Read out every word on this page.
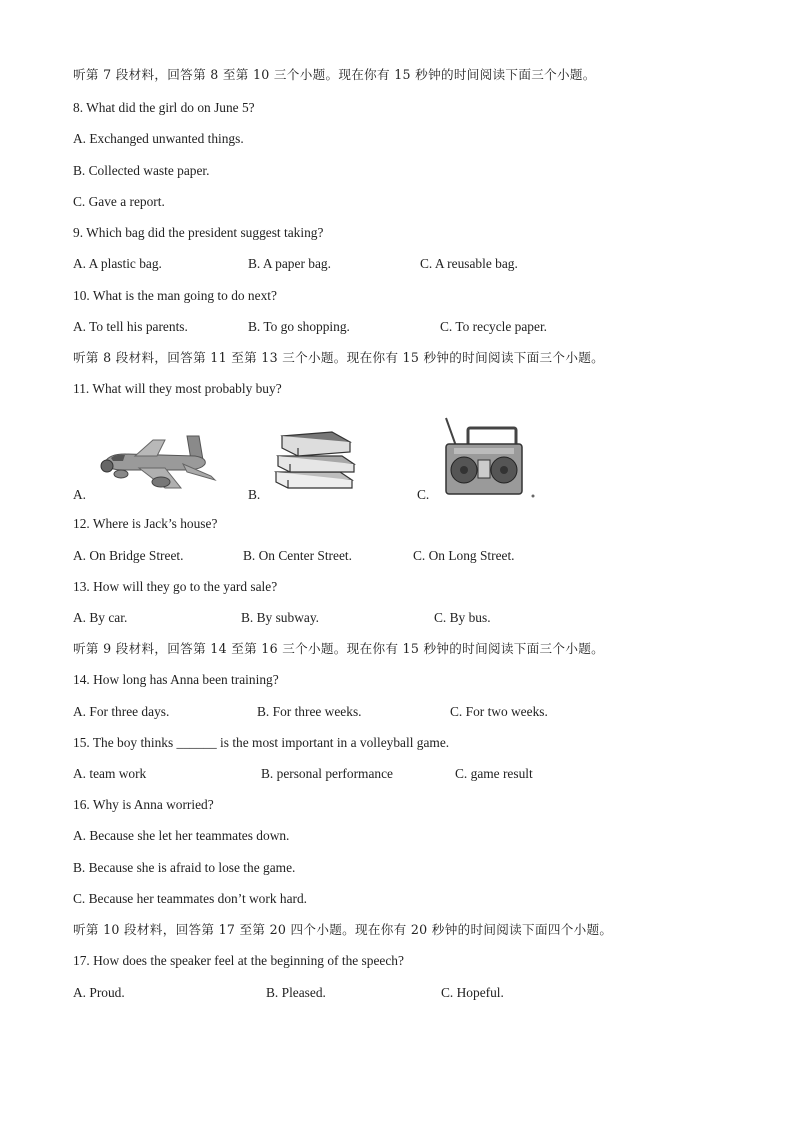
听第 7 段材料，回答第 8 至第 10 三个小题。现在你有 15 秒钟的时间阅读下面三个小题。
8. What did the girl do on June 5?
A. Exchanged unwanted things.
B. Collected waste paper.
C. Gave a report.
9. Which bag did the president suggest taking?
A. A plastic bag.	B. A paper bag.	C. A reusable bag.
10. What is the man going to do next?
A. To tell his parents.	B. To go shopping.	C. To recycle paper.
听第 8 段材料，回答第 11 至第 13 三个小题。现在你有 15 秒钟的时间阅读下面三个小题。
11. What will they most probably buy?
A.	B.	C.
12. Where is Jack’s house?
A. On Bridge Street.	B. On Center Street.	C. On Long Street.
13. How will they go to the yard sale?
A. By car.	B. By subway.	C. By bus.
听第 9 段材料，回答第 14 至第 16 三个小题。现在你有 15 秒钟的时间阅读下面三个小题。
14. How long has Anna been training?
A. For three days.	B. For three weeks.	C. For two weeks.
15. The boy thinks ______ is the most important in a volleyball game.
A. team work	B. personal performance	C. game result
16. Why is Anna worried?
A. Because she let her teammates down.
B. Because she is afraid to lose the game.
C. Because her teammates don’t work hard.
听第 10 段材料，回答第 17 至第 20 四个小题。现在你有 20 秒钟的时间阅读下面四个小题。
17. How does the speaker feel at the beginning of the speech?
A. Proud.	B. Pleased.	C. Hopeful.
